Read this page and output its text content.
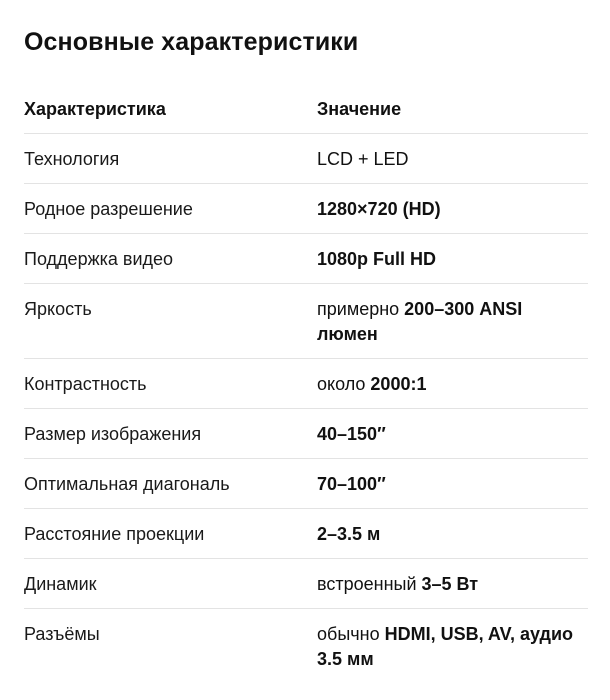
Основные характеристики
Характеристика	Значение
Технология	LCD + LED
Родное разрешение	1280×720 (HD)
Поддержка видео	1080p Full HD
Яркость	примерно 200–300 ANSI люмен
Контрастность	около 2000:1
Размер изображения	40–150″
Оптимальная диагональ	70–100″
Расстояние проекции	2–3.5 м
Динамик	встроенный 3–5 Вт
Разъёмы	обычно HDMI, USB, AV, аудио 3.5 мм
